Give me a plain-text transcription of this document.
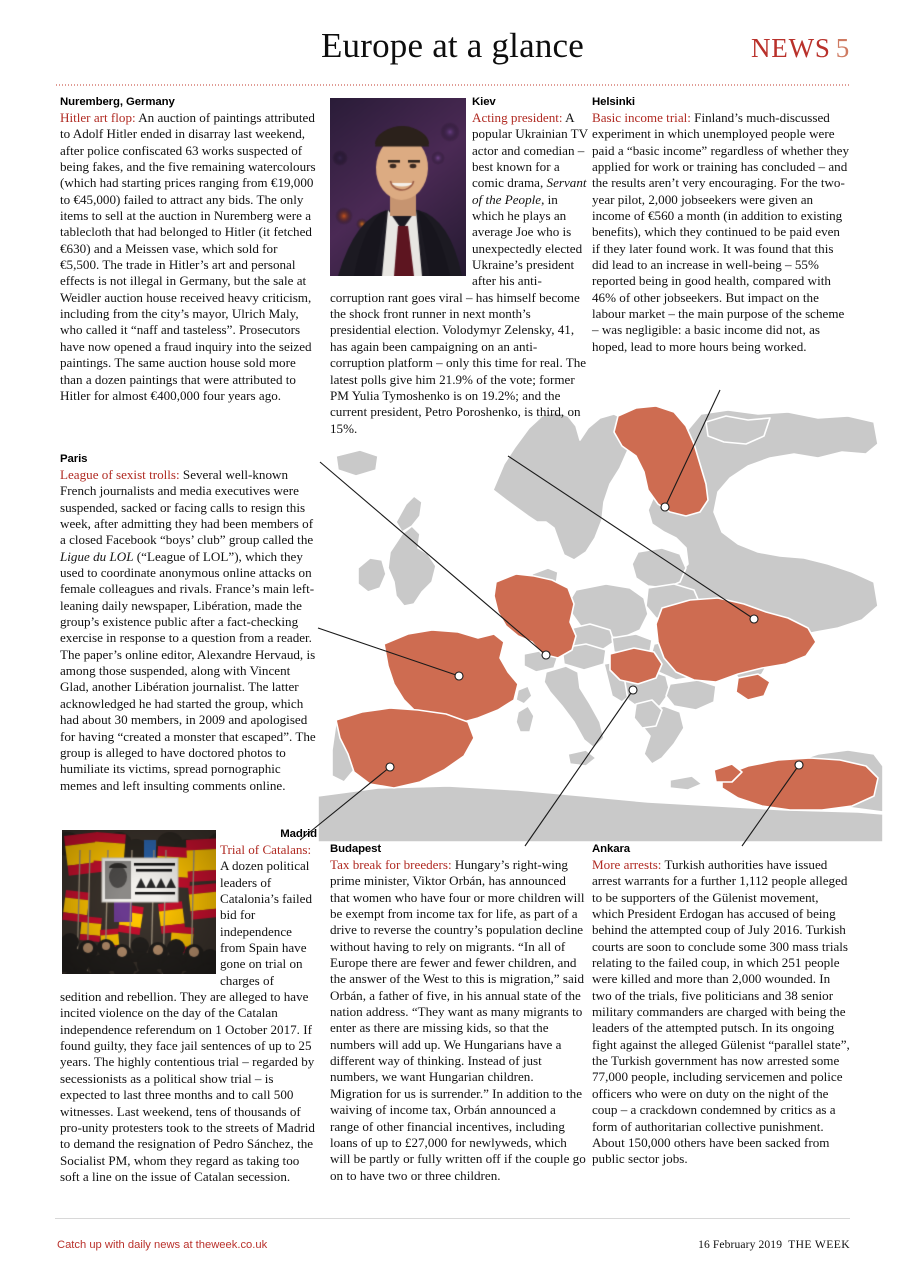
Europe at a glance	NEWS 5
Nuremberg, Germany

Hitler art flop: An auction of paintings attributed to Adolf Hitler ended in disarray last weekend, after police confiscated 63 works suspected of being fakes, and the five remaining watercolours (which had starting prices ranging from €19,000 to €45,000) failed to attract any bids. The only items to sell at the auction in Nuremberg were a tablecloth that had belonged to Hitler (it fetched €630) and a Meissen vase, which sold for €5,500. The trade in Hitler’s art and personal effects is not illegal in Germany, but the sale at Weidler auction house received heavy criticism, including from the city’s mayor, Ulrich Maly, who called it “naff and tasteless”. Prosecutors have now opened a fraud inquiry into the seized paintings. The same auction house sold more than a dozen paintings that were attributed to Hitler for almost €400,000 four years ago.

Paris

League of sexist trolls: Several well-known French journalists and media executives were suspended, sacked or facing calls to resign this week, after admitting they had been members of a closed Facebook “boys’ club” group called the Ligue du LOL (“League of LOL”), which they used to coordinate anonymous online attacks on female colleagues and rivals. France’s main left-leaning daily newspaper, Libération, made the group’s existence public after a fact-checking exercise in response to a question from a reader. The paper’s online editor, Alexandre Hervaud, is among those suspended, along with Vincent Glad, another Libération journalist. The latter acknowledged he had started the group, which had about 30 members, in 2009 and apologised for having “created a monster that escaped”. The group is alleged to have doctored photos to humiliate its victims, spread pornographic memes and left insulting comments online.

Kiev

Acting president: A popular Ukrainian TV actor and comedian – best known for a comic drama, Servant of the People, in which he plays an average Joe who is unexpectedly elected Ukraine’s president after his anti-corruption rant goes viral – has himself become the shock front runner in next month’s presidential election. Volodymyr Zelensky, 41, has again been campaigning on an anti-corruption platform – only this time for real. The latest polls give him 21.9% of the vote; former PM Yulia Tymoshenko is on 19.2%; and the current president, Petro Poroshenko, is third, on 15%.

Helsinki

Basic income trial: Finland’s much-discussed experiment in which unemployed people were paid a “basic income” regardless of whether they applied for work or training has concluded – and the results aren’t very encouraging. For the two-year pilot, 2,000 jobseekers were given an income of €560 a month (in addition to existing benefits), which they continued to be paid even if they later found work. It was found that this did lead to an increase in well-being – 55% reported being in good health, compared with 46% of other jobseekers. But impact on the labour market – the main purpose of the scheme – was negligible: a basic income did not, as hoped, lead to more hours being worked.

Madrid

Trial of Catalans: A dozen political leaders of Catalonia’s failed bid for independence from Spain have gone on trial on charges of sedition and rebellion. They are alleged to have incited violence on the day of the Catalan independence referendum on 1 October 2017. If found guilty, they face jail sentences of up to 25 years. The highly contentious trial – regarded by secessionists as a political show trial – is expected to last three months and to call 500 witnesses. Last weekend, tens of thousands of pro-unity protesters took to the streets of Madrid to demand the resignation of Pedro Sánchez, the Socialist PM, whom they regard as taking too soft a line on the issue of Catalan secession.

Budapest

Tax break for breeders: Hungary’s right-wing prime minister, Viktor Orbán, has announced that women who have four or more children will be exempt from income tax for life, as part of a drive to reverse the country’s population decline without having to rely on migrants. “In all of Europe there are fewer and fewer children, and the answer of the West to this is migration,” said Orbán, a father of five, in his annual state of the nation address. “They want as many migrants to enter as there are missing kids, so that the numbers will add up. We Hungarians have a different way of thinking. Instead of just numbers, we want Hungarian children. Migration for us is surrender.” In addition to the waiving of income tax, Orbán announced a range of other financial incentives, including loans of up to £27,000 for newlyweds, which will be partly or fully written off if the couple go on to have two or three children.

Ankara

More arrests: Turkish authorities have issued arrest warrants for a further 1,112 people alleged to be supporters of the Gülenist movement, which President Erdogan has accused of being behind the attempted coup of July 2016. Turkish courts are soon to conclude some 300 mass trials relating to the failed coup, in which 251 people were killed and more than 2,000 wounded. In two of the trials, five politicians and 38 senior military commanders are charged with being the leaders of the attempted putsch. In its ongoing fight against the alleged Gülenist “parallel state”, the Turkish government has now arrested some 77,000 people, including servicemen and police officers who were on duty on the night of the coup – a crackdown condemned by critics as a form of authoritarian collective punishment. About 150,000 others have been sacked from public sector jobs.

Catch up with daily news at theweek.co.uk	16 February 2019 THE WEEK
